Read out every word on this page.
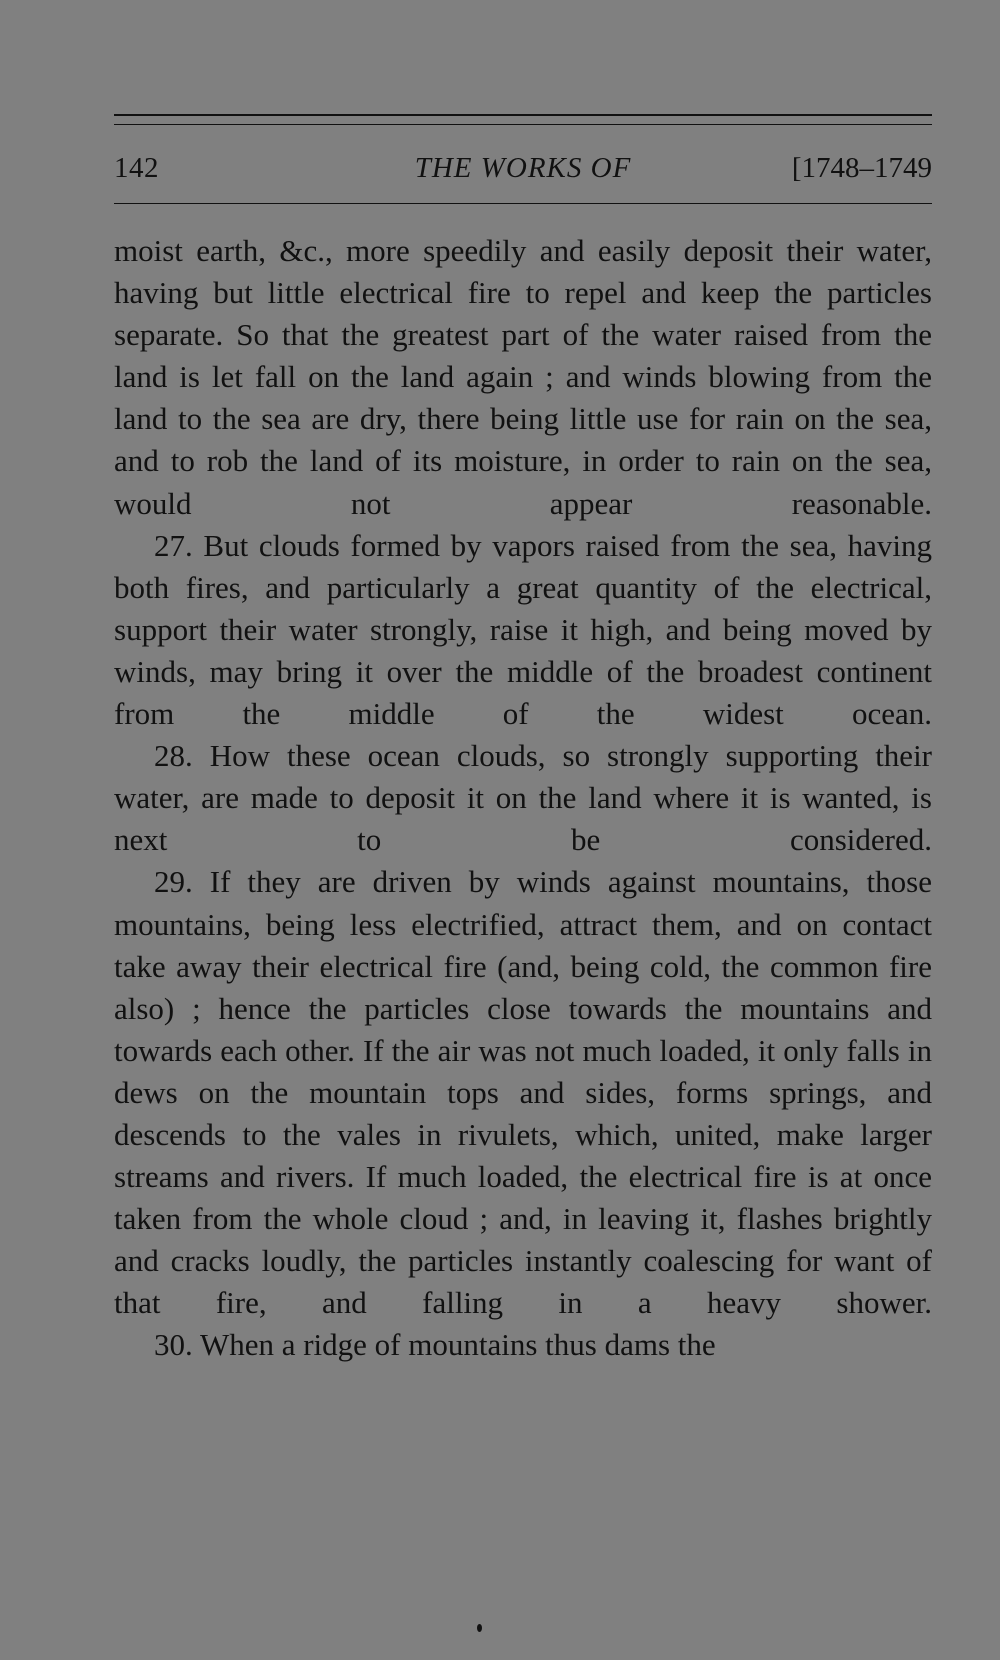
142	THE WORKS OF	[1748–1749

moist earth, &c., more speedily and easily deposit their water, having but little electrical fire to repel and keep the particles separate. So that the greatest part of the water raised from the land is let fall on the land again ; and winds blowing from the land to the sea are dry, there being little use for rain on the sea, and to rob the land of its moisture, in order to rain on the sea, would not appear reasonable.

27. But clouds formed by vapors raised from the sea, having both fires, and particularly a great quantity of the electrical, support their water strongly, raise it high, and being moved by winds, may bring it over the middle of the broadest continent from the middle of the widest ocean.

28. How these ocean clouds, so strongly supporting their water, are made to deposit it on the land where it is wanted, is next to be considered.

29. If they are driven by winds against mountains, those mountains, being less electrified, attract them, and on contact take away their electrical fire (and, being cold, the common fire also) ; hence the particles close towards the mountains and towards each other. If the air was not much loaded, it only falls in dews on the mountain tops and sides, forms springs, and descends to the vales in rivulets, which, united, make larger streams and rivers. If much loaded, the electrical fire is at once taken from the whole cloud ; and, in leaving it, flashes brightly and cracks loudly, the particles instantly coalescing for want of that fire, and falling in a heavy shower.

30. When a ridge of mountains thus dams the
